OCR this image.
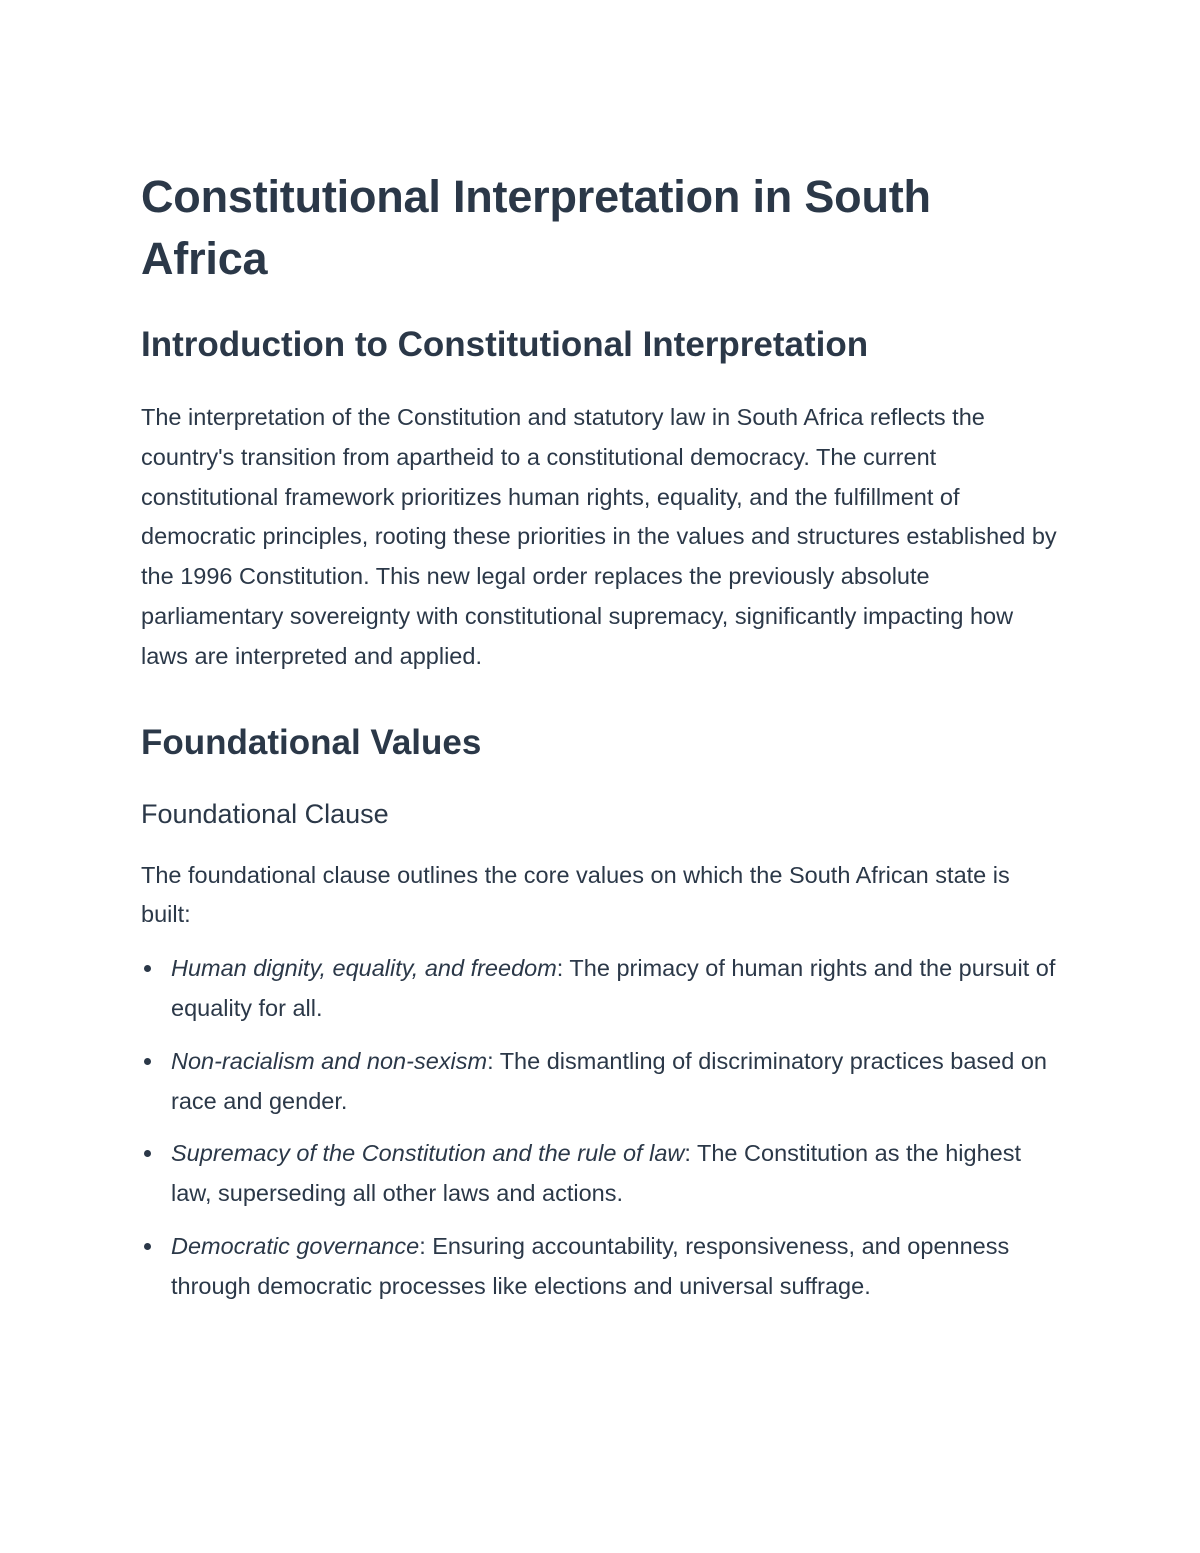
Constitutional Interpretation in South Africa
Introduction to Constitutional Interpretation

The interpretation of the Constitution and statutory law in South Africa reflects the country's transition from apartheid to a constitutional democracy. The current constitutional framework prioritizes human rights, equality, and the fulfillment of democratic principles, rooting these priorities in the values and structures established by the 1996 Constitution. This new legal order replaces the previously absolute parliamentary sovereignty with constitutional supremacy, significantly impacting how laws are interpreted and applied.

Foundational Values
Foundational Clause

The foundational clause outlines the core values on which the South African state is built:

Human dignity, equality, and freedom: The primacy of human rights and the pursuit of equality for all.
Non-racialism and non-sexism: The dismantling of discriminatory practices based on race and gender.
Supremacy of the Constitution and the rule of law: The Constitution as the highest law, superseding all other laws and actions.
Democratic governance: Ensuring accountability, responsiveness, and openness through democratic processes like elections and universal suffrage.
